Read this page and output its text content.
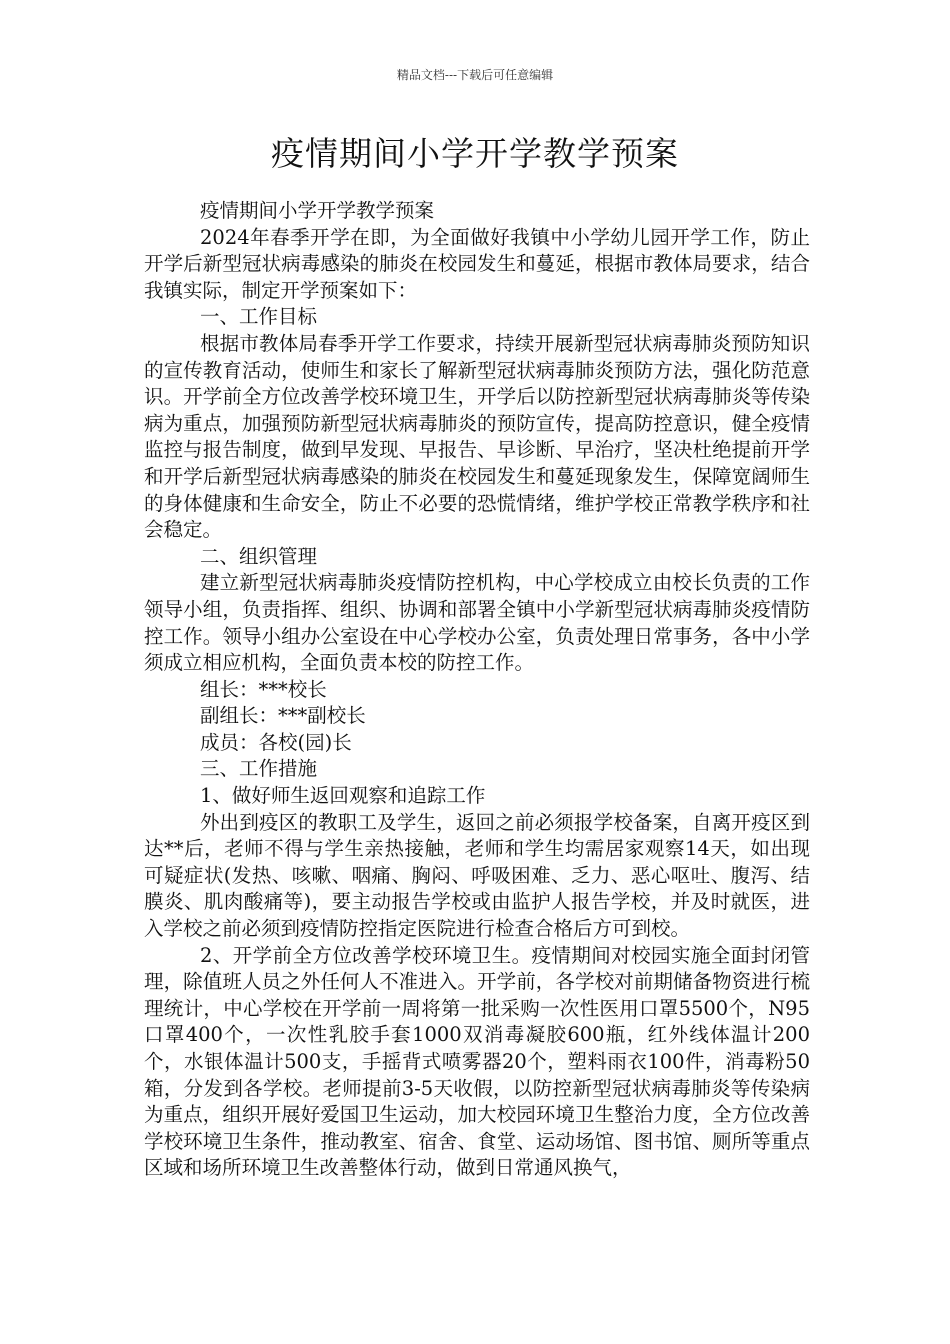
精品文档---下载后可任意编辑
疫情期间小学开学教学预案

疫情期间小学开学教学预案

2024年春季开学在即，为全面做好我镇中小学幼儿园开学工作，防止开学后新型冠状病毒感染的肺炎在校园发生和蔓延，根据市教体局要求，结合我镇实际，制定开学预案如下：

一、工作目标

根据市教体局春季开学工作要求，持续开展新型冠状病毒肺炎预防知识的宣传教育活动，使师生和家长了解新型冠状病毒肺炎预防方法，强化防范意识。开学前全方位改善学校环境卫生，开学后以防控新型冠状病毒肺炎等传染病为重点，加强预防新型冠状病毒肺炎的预防宣传，提高防控意识，健全疫情监控与报告制度，做到早发现、早报告、早诊断、早治疗，坚决杜绝提前开学和开学后新型冠状病毒感染的肺炎在校园发生和蔓延现象发生，保障宽阔师生的身体健康和生命安全，防止不必要的恐慌情绪，维护学校正常教学秩序和社会稳定。

二、组织管理

建立新型冠状病毒肺炎疫情防控机构，中心学校成立由校长负责的工作领导小组，负责指挥、组织、协调和部署全镇中小学新型冠状病毒肺炎疫情防控工作。领导小组办公室设在中心学校办公室，负责处理日常事务，各中小学须成立相应机构，全面负责本校的防控工作。

组长：***校长

副组长：***副校长

成员：各校(园)长

三、工作措施

1、做好师生返回观察和追踪工作

外出到疫区的教职工及学生，返回之前必须报学校备案，自离开疫区到达**后，老师不得与学生亲热接触，老师和学生均需居家观察14天，如出现可疑症状(发热、咳嗽、咽痛、胸闷、呼吸困难、乏力、恶心呕吐、腹泻、结膜炎、肌肉酸痛等)，要主动报告学校或由监护人报告学校，并及时就医，进入学校之前必须到疫情防控指定医院进行检查合格后方可到校。

2、开学前全方位改善学校环境卫生。疫情期间对校园实施全面封闭管理，除值班人员之外任何人不准进入。开学前，各学校对前期储备物资进行梳理统计，中心学校在开学前一周将第一批采购一次性医用口罩5500个，N95口罩400个，一次性乳胶手套1000双消毒凝胶600瓶，红外线体温计200个，水银体温计500支，手摇背式喷雾器20个，塑料雨衣100件，消毒粉50箱，分发到各学校。老师提前3-5天收假，以防控新型冠状病毒肺炎等传染病为重点，组织开展好爱国卫生运动，加大校园环境卫生整治力度，全方位改善学校环境卫生条件，推动教室、宿舍、食堂、运动场馆、图书馆、厕所等重点区域和场所环境卫生改善整体行动，做到日常通风换气，
